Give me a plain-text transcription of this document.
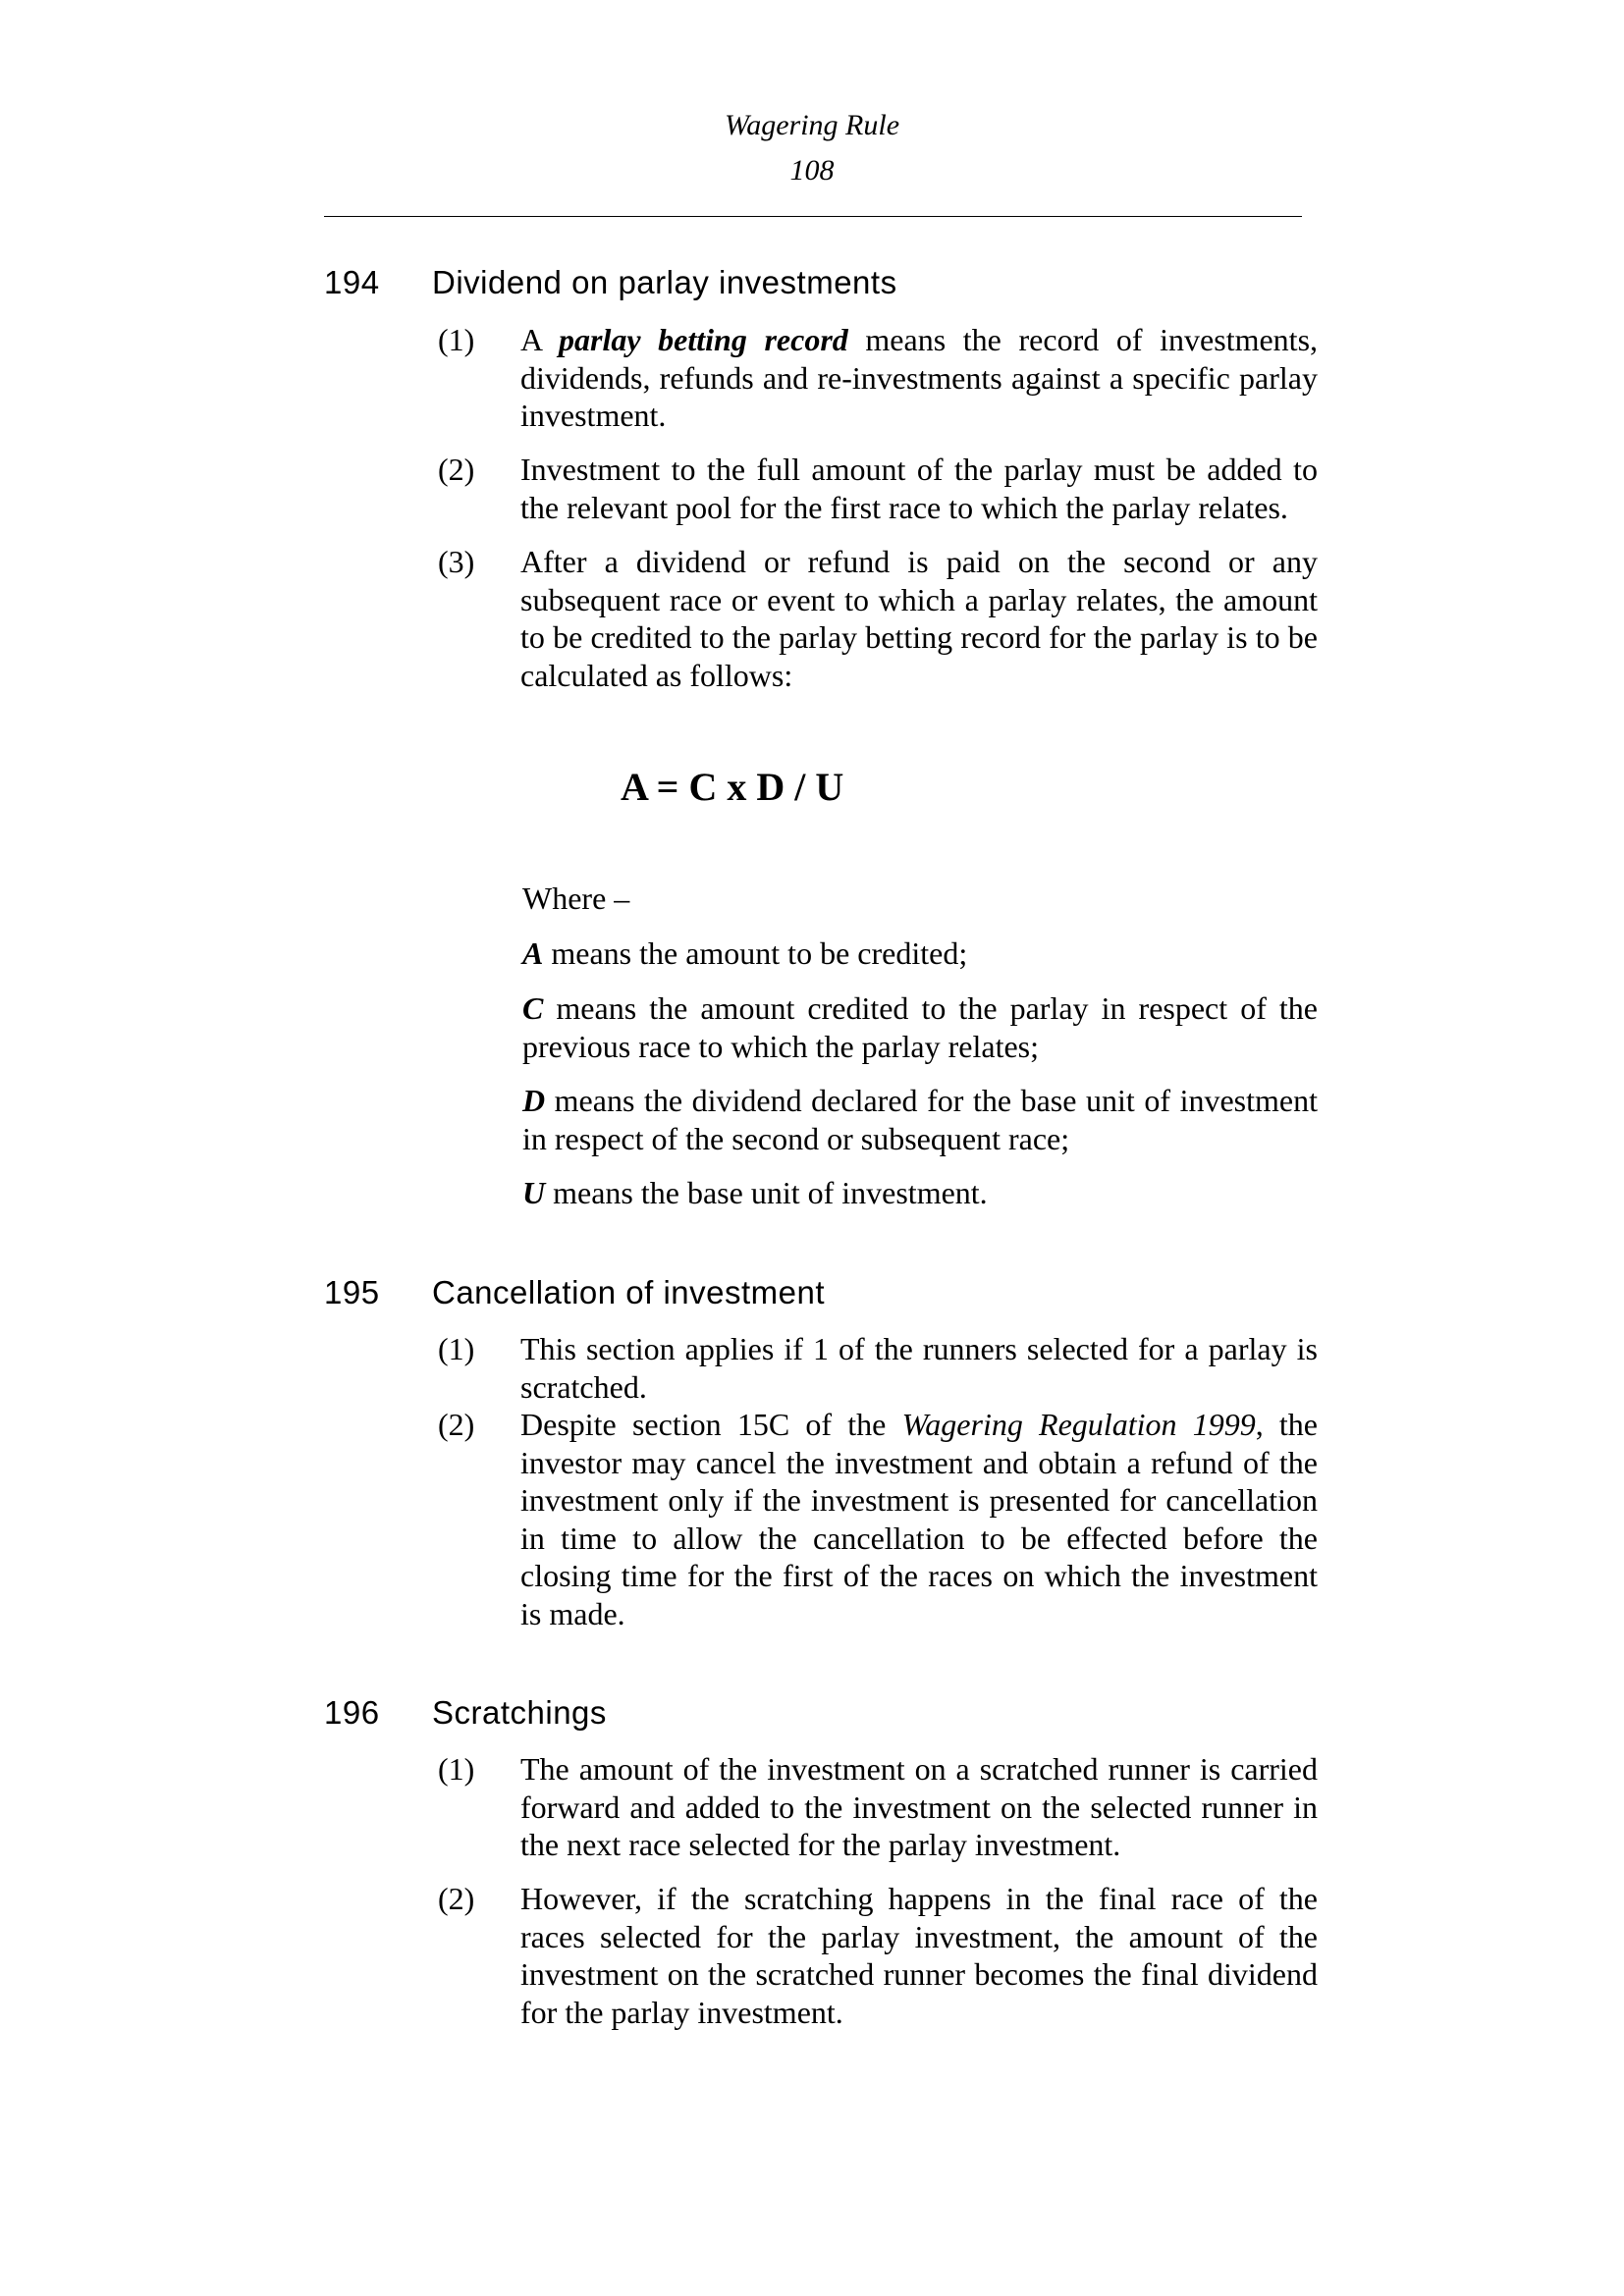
Wagering Rule
108
194 Dividend on parlay investments
(1) A parlay betting record means the record of investments, dividends, refunds and re-investments against a specific parlay investment.
(2) Investment to the full amount of the parlay must be added to the relevant pool for the first race to which the parlay relates.
(3) After a dividend or refund is paid on the second or any subsequent race or event to which a parlay relates, the amount to be credited to the parlay betting record for the parlay is to be calculated as follows:
A = C x D / U
Where –
A means the amount to be credited;
C means the amount credited to the parlay in respect of the previous race to which the parlay relates;
D means the dividend declared for the base unit of investment in respect of the second or subsequent race;
U means the base unit of investment.
195 Cancellation of investment
(1) This section applies if 1 of the runners selected for a parlay is scratched.
(2) Despite section 15C of the Wagering Regulation 1999, the investor may cancel the investment and obtain a refund of the investment only if the investment is presented for cancellation in time to allow the cancellation to be effected before the closing time for the first of the races on which the investment is made.
196 Scratchings
(1) The amount of the investment on a scratched runner is carried forward and added to the investment on the selected runner in the next race selected for the parlay investment.
(2) However, if the scratching happens in the final race of the races selected for the parlay investment, the amount of the investment on the scratched runner becomes the final dividend for the parlay investment.
